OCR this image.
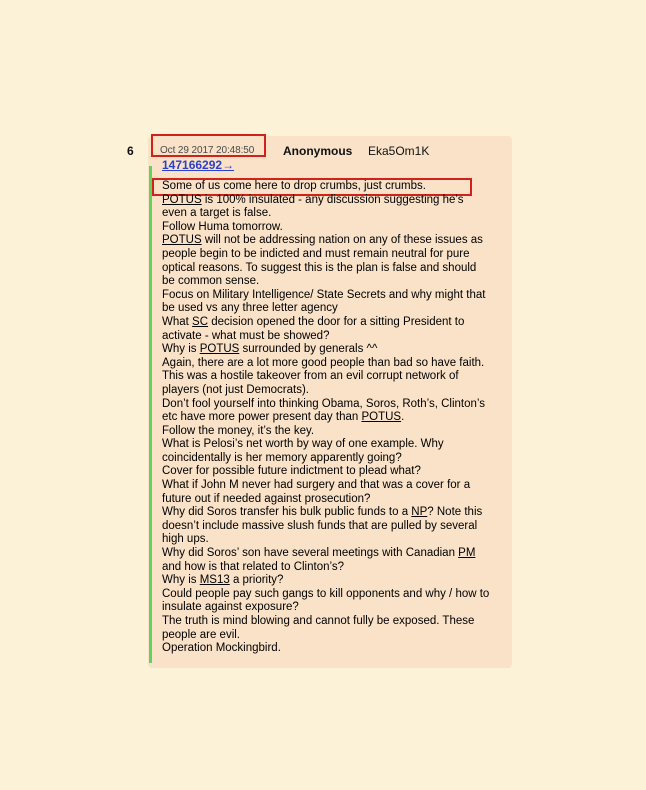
6	Oct 29 2017 20:48:50 Anonymous Eka5Om1K
147166292→
Some of us come here to drop crumbs, just crumbs.
POTUS is 100% insulated - any discussion suggesting he’s
even a target is false.
Follow Huma tomorrow.
POTUS will not be addressing nation on any of these issues as
people begin to be indicted and must remain neutral for pure
optical reasons. To suggest this is the plan is false and should
be common sense.
Focus on Military Intelligence/ State Secrets and why might that
be used vs any three letter agency
What SC decision opened the door for a sitting President to
activate - what must be showed?
Why is POTUS surrounded by generals ^^
Again, there are a lot more good people than bad so have faith.
This was a hostile takeover from an evil corrupt network of
players (not just Democrats).
Don’t fool yourself into thinking Obama, Soros, Roth’s, Clinton’s
etc have more power present day than POTUS.
Follow the money, it’s the key.
What is Pelosi’s net worth by way of one example. Why
coincidentally is her memory apparently going?
Cover for possible future indictment to plead what?
What if John M never had surgery and that was a cover for a
future out if needed against prosecution?
Why did Soros transfer his bulk public funds to a NP? Note this
doesn’t include massive slush funds that are pulled by several
high ups.
Why did Soros’ son have several meetings with Canadian PM
and how is that related to Clinton’s?
Why is MS13 a priority?
Could people pay such gangs to kill opponents and why / how to
insulate against exposure?
The truth is mind blowing and cannot fully be exposed. These
people are evil.
Operation Mockingbird.
